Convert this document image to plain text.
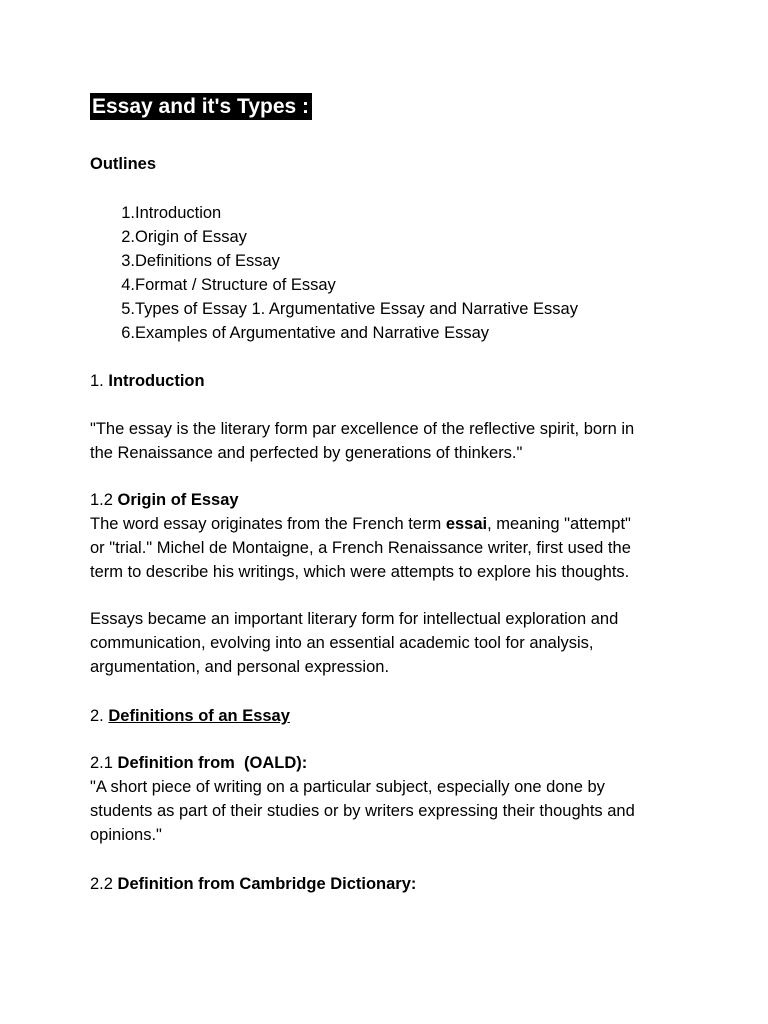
Essay and it's Types :
Outlines
1. Introduction
2. Origin of Essay
3. Definitions of Essay
4. Format / Structure of Essay
5. Types of Essay 1. Argumentative Essay and Narrative Essay
6. Examples of Argumentative and Narrative Essay
1. Introduction
"The essay is the literary form par excellence of the reflective spirit, born in
the Renaissance and perfected by generations of thinkers."
1.2 Origin of Essay
The word essay originates from the French term essai, meaning "attempt"
or "trial." Michel de Montaigne, a French Renaissance writer, first used the
term to describe his writings, which were attempts to explore his thoughts.
Essays became an important literary form for intellectual exploration and
communication, evolving into an essential academic tool for analysis,
argumentation, and personal expression.
2. Definitions of an Essay
2.1 Definition from  (OALD):
"A short piece of writing on a particular subject, especially one done by
students as part of their studies or by writers expressing their thoughts and
opinions."
2.2 Definition from Cambridge Dictionary:
